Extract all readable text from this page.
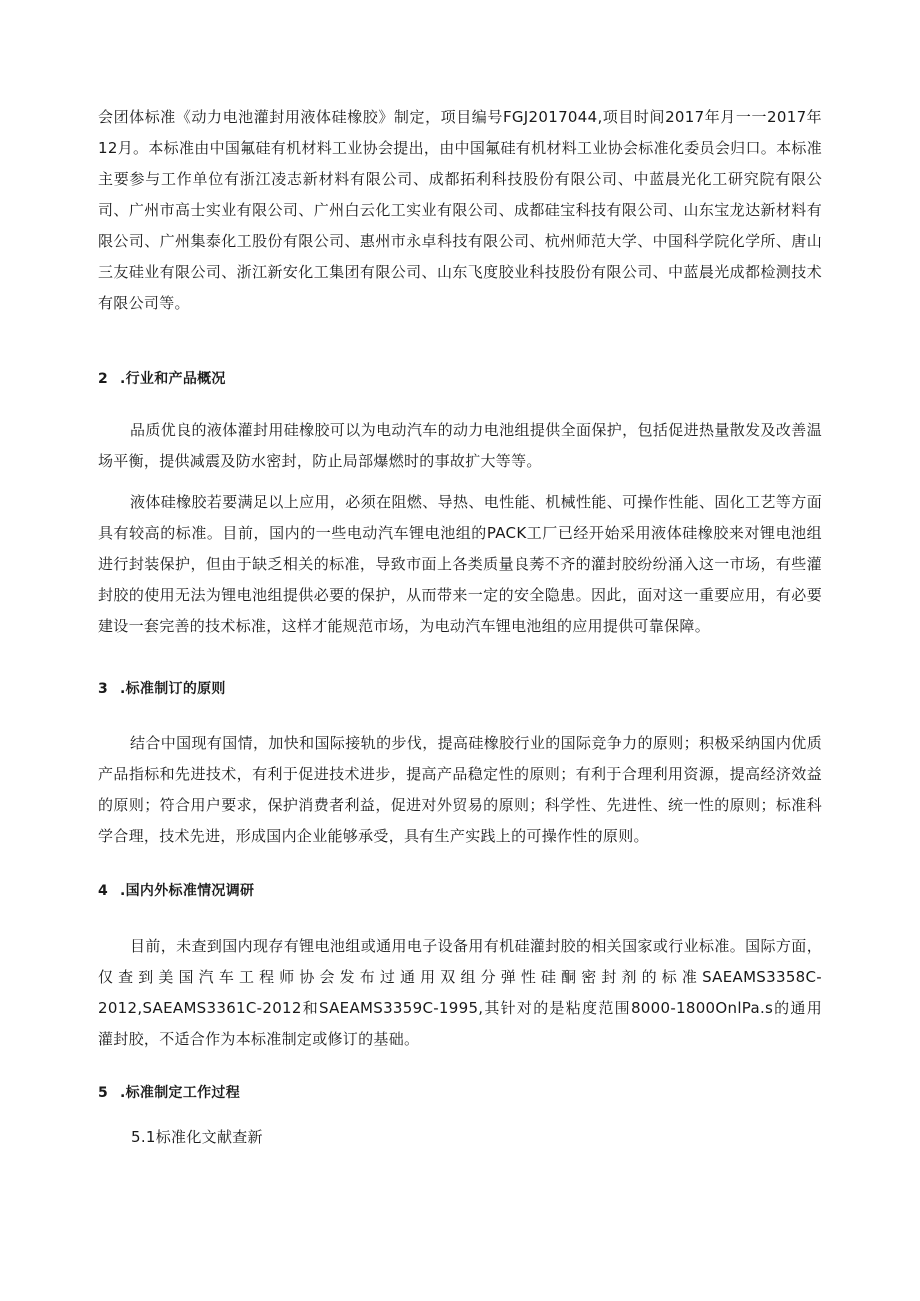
会团体标准《动力电池灌封用液体硅橡胶》制定，项目编号FGJ2017044,项目时间2017年月一一2017年12月。本标准由中国氟硅有机材料工业协会提出，由中国氟硅有机材料工业协会标准化委员会归口。本标准主要参与工作单位有浙江凌志新材料有限公司、成都拓利科技股份有限公司、中蓝晨光化工研究院有限公司、广州市高士实业有限公司、广州白云化工实业有限公司、成都硅宝科技有限公司、山东宝龙达新材料有限公司、广州集泰化工股份有限公司、惠州市永卓科技有限公司、杭州师范大学、中国科学院化学所、唐山三友硅业有限公司、浙江新安化工集团有限公司、山东飞度胶业科技股份有限公司、中蓝晨光成都检测技术有限公司等。

2 .行业和产品概况

品质优良的液体灌封用硅橡胶可以为电动汽车的动力电池组提供全面保护，包括促进热量散发及改善温场平衡，提供减震及防水密封，防止局部爆燃时的事故扩大等等。

液体硅橡胶若要满足以上应用，必须在阻燃、导热、电性能、机械性能、可操作性能、固化工艺等方面具有较高的标准。目前，国内的一些电动汽车锂电池组的PACK工厂已经开始采用液体硅橡胶来对锂电池组进行封装保护，但由于缺乏相关的标准，导致市面上各类质量良莠不齐的灌封胶纷纷涌入这一市场，有些灌封胶的使用无法为锂电池组提供必要的保护，从而带来一定的安全隐患。因此，面对这一重要应用，有必要建设一套完善的技术标准，这样才能规范市场，为电动汽车锂电池组的应用提供可靠保障。

3 .标准制订的原则

结合中国现有国情，加快和国际接轨的步伐，提高硅橡胶行业的国际竞争力的原则；积极采纳国内优质产品指标和先进技术，有利于促进技术进步，提高产品稳定性的原则；有利于合理利用资源，提高经济效益的原则；符合用户要求，保护消费者利益，促进对外贸易的原则；科学性、先进性、统一性的原则；标准科学合理，技术先进，形成国内企业能够承受，具有生产实践上的可操作性的原则。

4 .国内外标准情况调研

目前，未查到国内现存有锂电池组或通用电子设备用有机硅灌封胶的相关国家或行业标准。国际方面，仅查到美国汽车工程师协会发布过通用双组分弹性硅酮密封剂的标准SAEAMS3358C-2012,SAEAMS3361C-2012和SAEAMS3359C-1995,其针对的是粘度范围8000-1800OnlPa.s的通用灌封胶，不适合作为本标准制定或修订的基础。

5 .标准制定工作过程

5.1标准化文献查新
